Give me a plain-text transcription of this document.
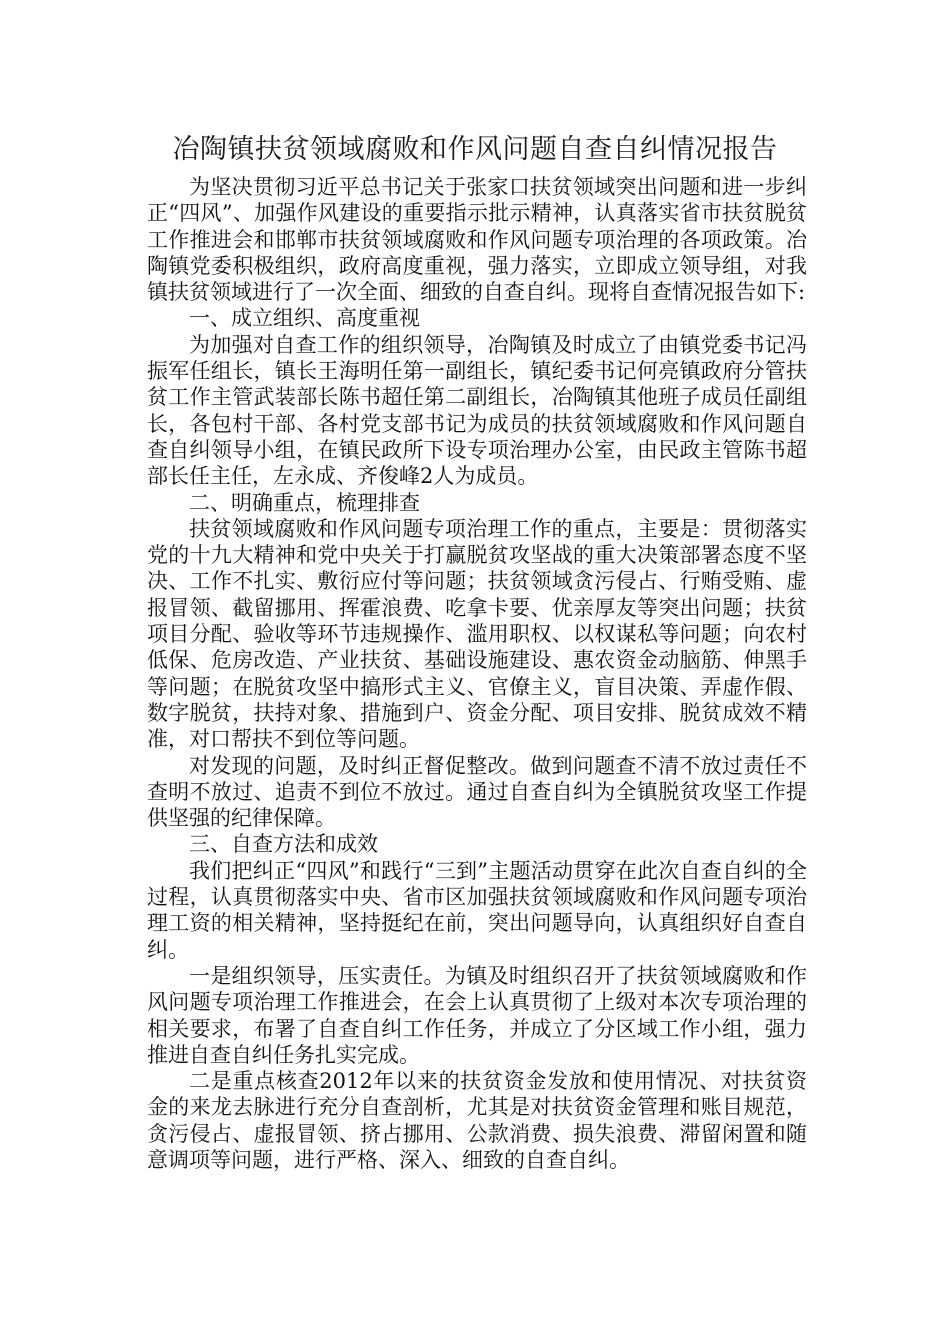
冶陶镇扶贫领域腐败和作风问题自查自纠情况报告

为坚决贯彻习近平总书记关于张家口扶贫领域突出问题和进一步纠正“四风”、加强作风建设的重要指示批示精神，认真落实省市扶贫脱贫工作推进会和邯郸市扶贫领域腐败和作风问题专项治理的各项政策。冶陶镇党委积极组织，政府高度重视，强力落实，立即成立领导组，对我镇扶贫领域进行了一次全面、细致的自查自纠。现将自查情况报告如下:

一、成立组织、高度重视

为加强对自查工作的组织领导，冶陶镇及时成立了由镇党委书记冯振军任组长，镇长王海明任第一副组长，镇纪委书记何亮镇政府分管扶贫工作主管武装部长陈书超任第二副组长，冶陶镇其他班子成员任副组长，各包村干部、各村党支部书记为成员的扶贫领域腐败和作风问题自查自纠领导小组，在镇民政所下设专项治理办公室，由民政主管陈书超部长任主任，左永成、齐俊峰2人为成员。

二、明确重点，梳理排查

扶贫领域腐败和作风问题专项治理工作的重点，主要是：贯彻落实党的十九大精神和党中央关于打赢脱贫攻坚战的重大决策部署态度不坚决、工作不扎实、敷衍应付等问题；扶贫领域贪污侵占、行贿受贿、虚报冒领、截留挪用、挥霍浪费、吃拿卡要、优亲厚友等突出问题；扶贫项目分配、验收等环节违规操作、滥用职权、以权谋私等问题；向农村低保、危房改造、产业扶贫、基础设施建设、惠农资金动脑筋、伸黑手等问题；在脱贫攻坚中搞形式主义、官僚主义，盲目决策、弄虚作假、数字脱贫，扶持对象、措施到户、资金分配、项目安排、脱贫成效不精准，对口帮扶不到位等问题。

对发现的问题，及时纠正督促整改。做到问题查不清不放过责任不查明不放过、追责不到位不放过。通过自查自纠为全镇脱贫攻坚工作提供坚强的纪律保障。

三、自查方法和成效

我们把纠正“四风”和践行“三到”主题活动贯穿在此次自查自纠的全过程，认真贯彻落实中央、省市区加强扶贫领域腐败和作风问题专项治理工资的相关精神，坚持挺纪在前，突出问题导向，认真组织好自查自纠。

一是组织领导，压实责任。为镇及时组织召开了扶贫领域腐败和作风问题专项治理工作推进会，在会上认真贯彻了上级对本次专项治理的相关要求，布署了自查自纠工作任务，并成立了分区域工作小组，强力推进自查自纠任务扎实完成。

二是重点核查2012年以来的扶贫资金发放和使用情况、对扶贫资金的来龙去脉进行充分自查剖析，尤其是对扶贫资金管理和账目规范，贪污侵占、虚报冒领、挤占挪用、公款消费、损失浪费、滞留闲置和随意调项等问题，进行严格、深入、细致的自查自纠。
